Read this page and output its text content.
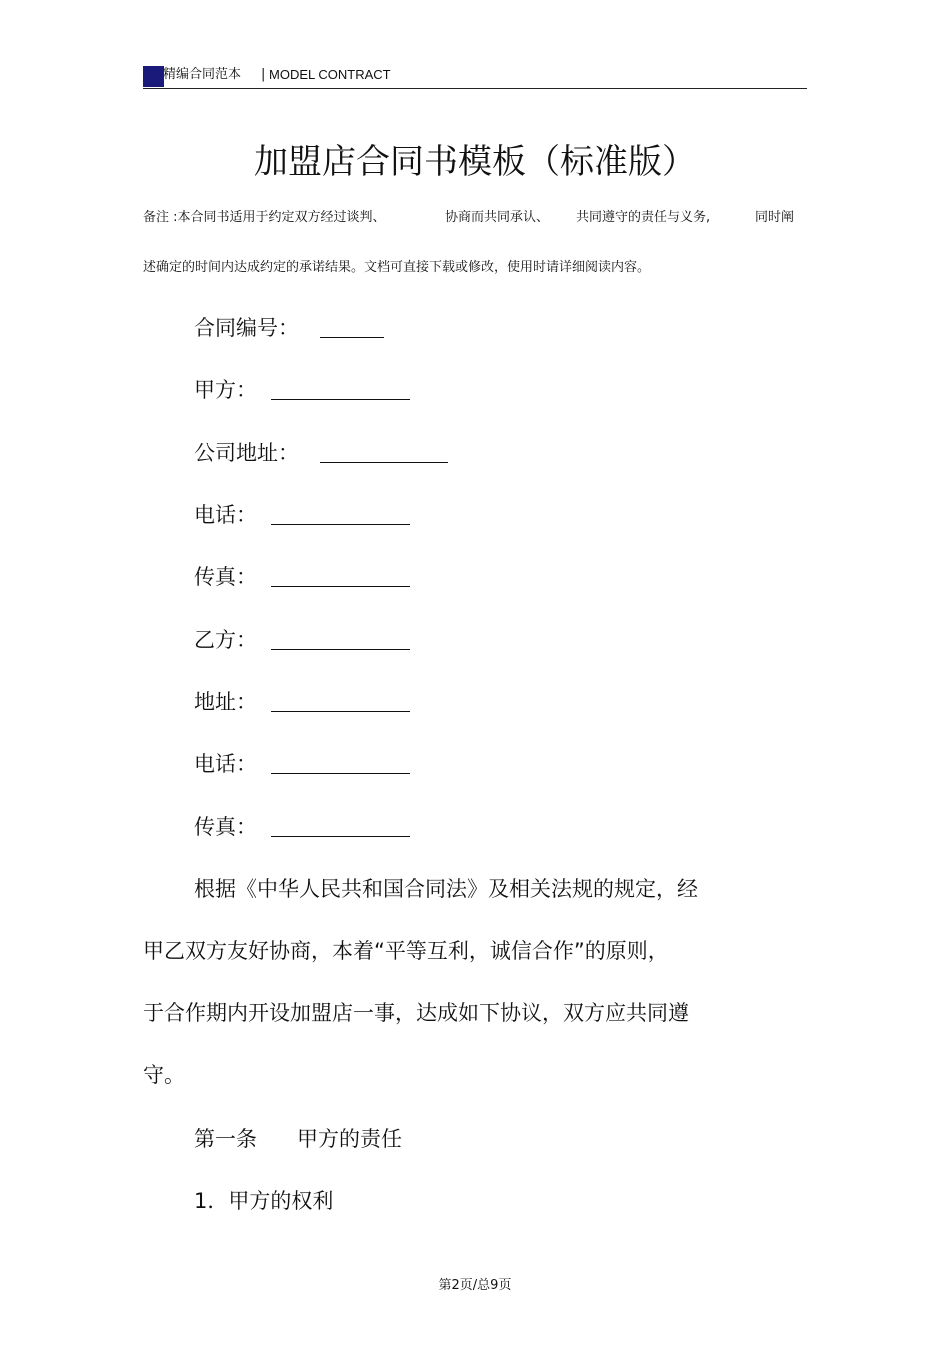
精编合同范本 | MODEL CONTRACT
加盟店合同书模板（标准版）
备注 :本合同书适用于约定双方经过谈判、	协商而共同承认、 共同遵守的责任与义务,	同时阐
述确定的时间内达成约定的承诺结果。文档可直接下载或修改，使用时请详细阅读内容。
合同编号：
甲方：
公司地址：
电话：
传真：
乙方：
地址：
电话：
传真：
根据《中华人民共和国合同法》及相关法规的规定，经
甲乙双方友好协商，本着“平等互利，诚信合作”的原则，
于合作期内开设加盟店一事，达成如下协议，双方应共同遵
守。
第一条 甲方的责任
1．甲方的权利
第2页/总9页
